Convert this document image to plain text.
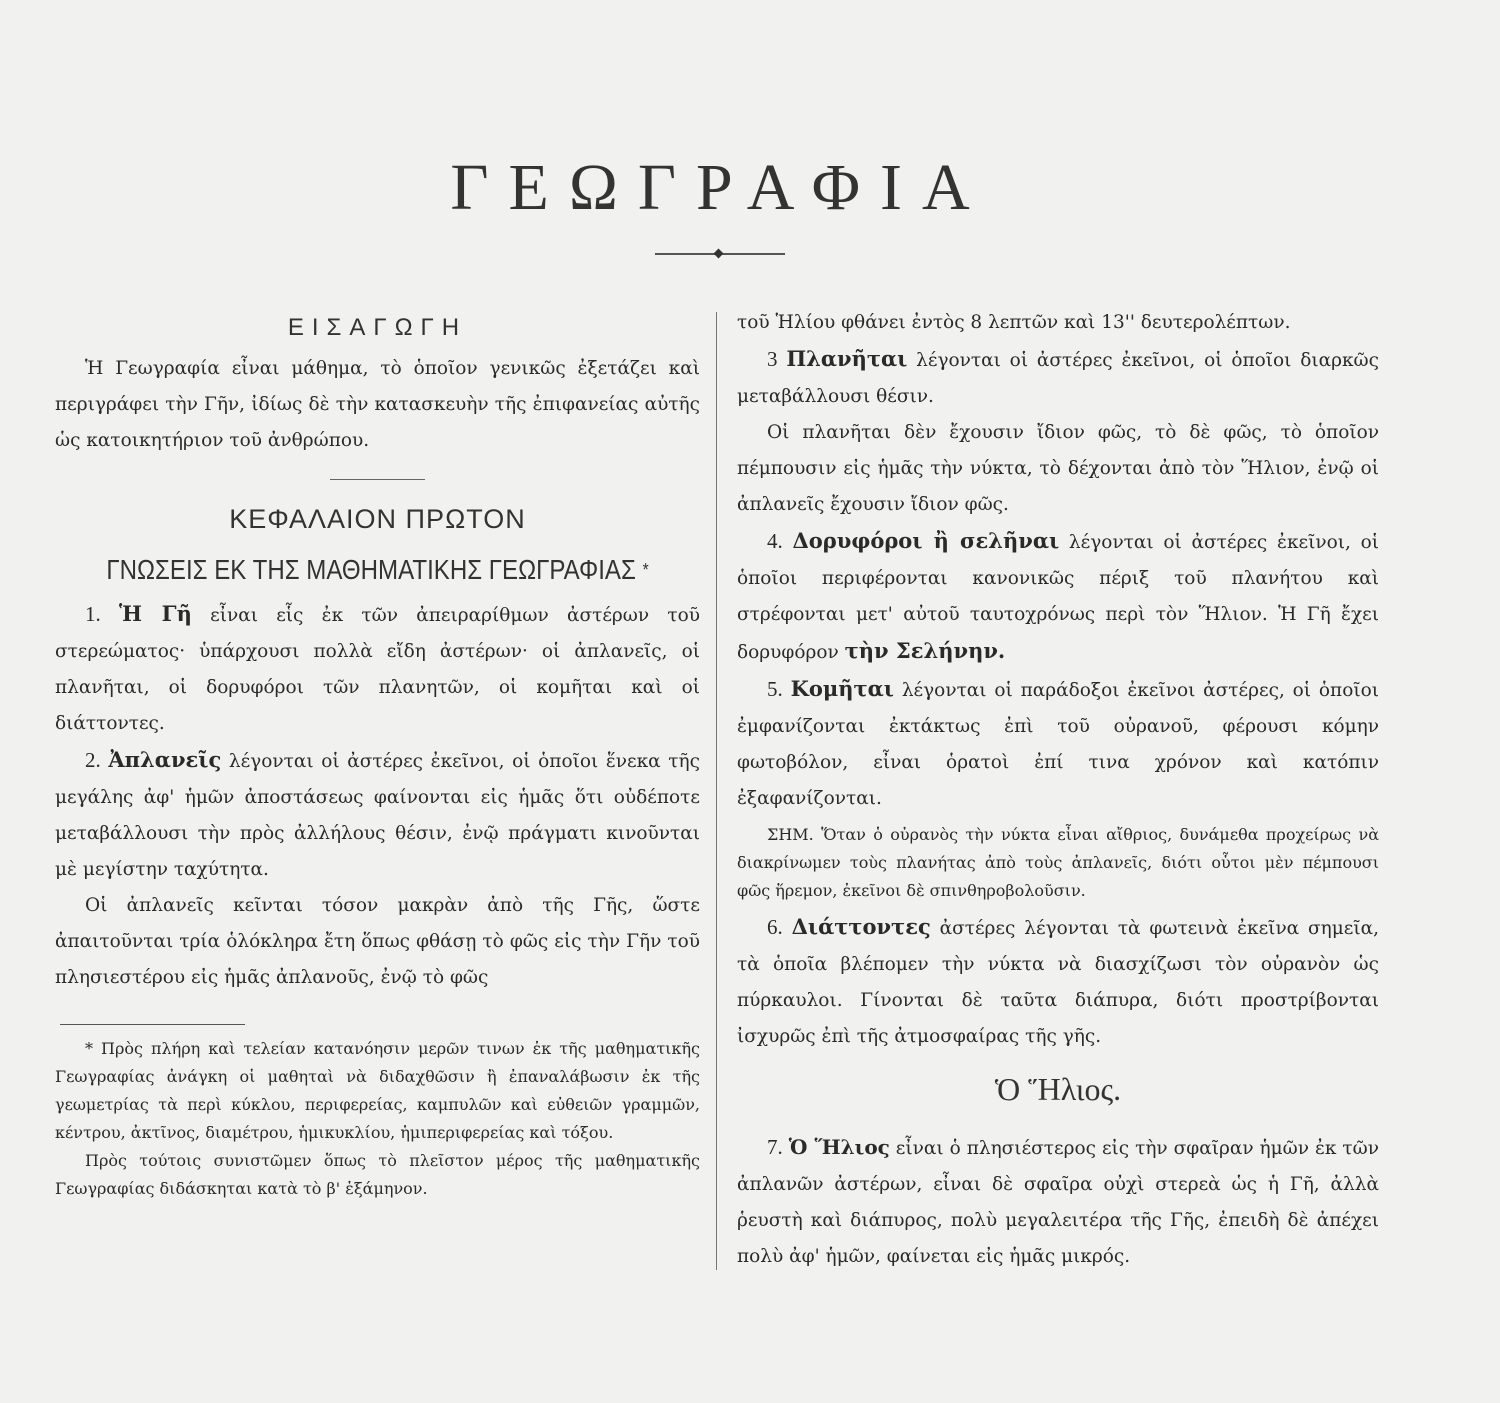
ΓΕΩΓΡΑΦΙΑ
ΕΙΣΑΓΩΓΗ

Ἡ Γεωγραφία εἶναι μάθημα, τὸ ὁποῖον γενικῶς ἐξετάζει καὶ περιγράφει τὴν Γῆν, ἰδίως δὲ τὴν κατασκευὴν τῆς ἐπιφανείας αὐτῆς ὡς κατοικητήριον τοῦ ἀνθρώπου.

ΚΕΦΑΛΑΙΟΝ ΠΡΩΤΟΝ
ΓΝΩΣΕΙΣ ΕΚ ΤΗΣ ΜΑΘΗΜΑΤΙΚΗΣ ΓΕΩΓΡΑΦΙΑΣ *

1. Ἡ Γῆ εἶναι εἷς ἐκ τῶν ἀπειραρίθμων ἀστέρων τοῦ στερεώματος· ὑπάρχουσι πολλὰ εἴδη ἀστέρων· οἱ ἀπλανεῖς, οἱ πλανῆται, οἱ δορυφόροι τῶν πλανητῶν, οἱ κομῆται καὶ οἱ διάττοντες.

2. Ἀπλανεῖς λέγονται οἱ ἀστέρες ἐκεῖνοι, οἱ ὁποῖοι ἕνεκα τῆς μεγάλης ἀφ' ἡμῶν ἀποστάσεως φαίνονται εἰς ἡμᾶς ὅτι οὐδέποτε μεταβάλλουσι τὴν πρὸς ἀλλήλους θέσιν, ἐνῷ πράγματι κινοῦνται μὲ μεγίστην ταχύτητα.

Οἱ ἀπλανεῖς κεῖνται τόσον μακρὰν ἀπὸ τῆς Γῆς, ὥστε ἀπαιτοῦνται τρία ὁλόκληρα ἔτη ὅπως φθάσῃ τὸ φῶς εἰς τὴν Γῆν τοῦ πλησιεστέρου εἰς ἡμᾶς ἀπλανοῦς, ἐνῷ τὸ φῶς

* Πρὸς πλήρη καὶ τελείαν κατανόησιν μερῶν τινων ἐκ τῆς μαθηματικῆς Γεωγραφίας ἀνάγκη οἱ μαθηταὶ νὰ διδαχθῶσιν ἢ ἐπαναλάβωσιν ἐκ τῆς γεωμετρίας τὰ περὶ κύκλου, περιφερείας, καμπυλῶν καὶ εὐθειῶν γραμμῶν, κέντρου, ἀκτῖνος, διαμέτρου, ἡμικυκλίου, ἡμιπεριφερείας καὶ τόξου.

Πρὸς τούτοις συνιστῶμεν ὅπως τὸ πλεῖστον μέρος τῆς μαθηματικῆς Γεωγραφίας διδάσκηται κατὰ τὸ β' ἑξάμηνον.

τοῦ Ἡλίου φθάνει ἐντὸς 8 λεπτῶν καὶ 13'' δευτερολέπτων.

3 Πλανῆται λέγονται οἱ ἀστέρες ἐκεῖνοι, οἱ ὁποῖοι διαρκῶς μεταβάλλουσι θέσιν.

Οἱ πλανῆται δὲν ἔχουσιν ἴδιον φῶς, τὸ δὲ φῶς, τὸ ὁποῖον πέμπουσιν εἰς ἡμᾶς τὴν νύκτα, τὸ δέχονται ἀπὸ τὸν Ἥλιον, ἐνῷ οἱ ἀπλανεῖς ἔχουσιν ἴδιον φῶς.

4. Δορυφόροι ἢ σελῆναι λέγονται οἱ ἀστέρες ἐκεῖνοι, οἱ ὁποῖοι περιφέρονται κανονικῶς πέριξ τοῦ πλανήτου καὶ στρέφονται μετ' αὐτοῦ ταυτοχρόνως περὶ τὸν Ἥλιον. Ἡ Γῆ ἔχει δορυφόρον τὴν Σελήνην.

5. Κομῆται λέγονται οἱ παράδοξοι ἐκεῖνοι ἀστέρες, οἱ ὁποῖοι ἐμφανίζονται ἐκτάκτως ἐπὶ τοῦ οὐρανοῦ, φέρουσι κόμην φωτοβόλον, εἶναι ὁρατοὶ ἐπί τινα χρόνον καὶ κατόπιν ἐξαφανίζονται.

ΣΗΜ. Ὅταν ὁ οὐρανὸς τὴν νύκτα εἶναι αἴθριος, δυνάμεθα προχείρως νὰ διακρίνωμεν τοὺς πλανήτας ἀπὸ τοὺς ἀπλανεῖς, διότι οὗτοι μὲν πέμπουσι φῶς ἥρεμον, ἐκεῖνοι δὲ σπινθηροβολοῦσιν.

6. Διάττοντες ἀστέρες λέγονται τὰ φωτεινὰ ἐκεῖνα σημεῖα, τὰ ὁποῖα βλέπομεν τὴν νύκτα νὰ διασχίζωσι τὸν οὐρανὸν ὡς πύρκαυλοι. Γίνονται δὲ ταῦτα διάπυρα, διότι προστρίβονται ἰσχυρῶς ἐπὶ τῆς ἀτμοσφαίρας τῆς γῆς.

Ὁ Ἥλιος.

7. Ὁ Ἥλιος εἶναι ὁ πλησιέστερος εἰς τὴν σφαῖραν ἡμῶν ἐκ τῶν ἀπλανῶν ἀστέρων, εἶναι δὲ σφαῖρα οὐχὶ στερεὰ ὡς ἡ Γῆ, ἀλλὰ ῥευστὴ καὶ διάπυρος, πολὺ μεγαλειτέρα τῆς Γῆς, ἐπειδὴ δὲ ἀπέχει πολὺ ἀφ' ἡμῶν, φαίνεται εἰς ἡμᾶς μικρός.
